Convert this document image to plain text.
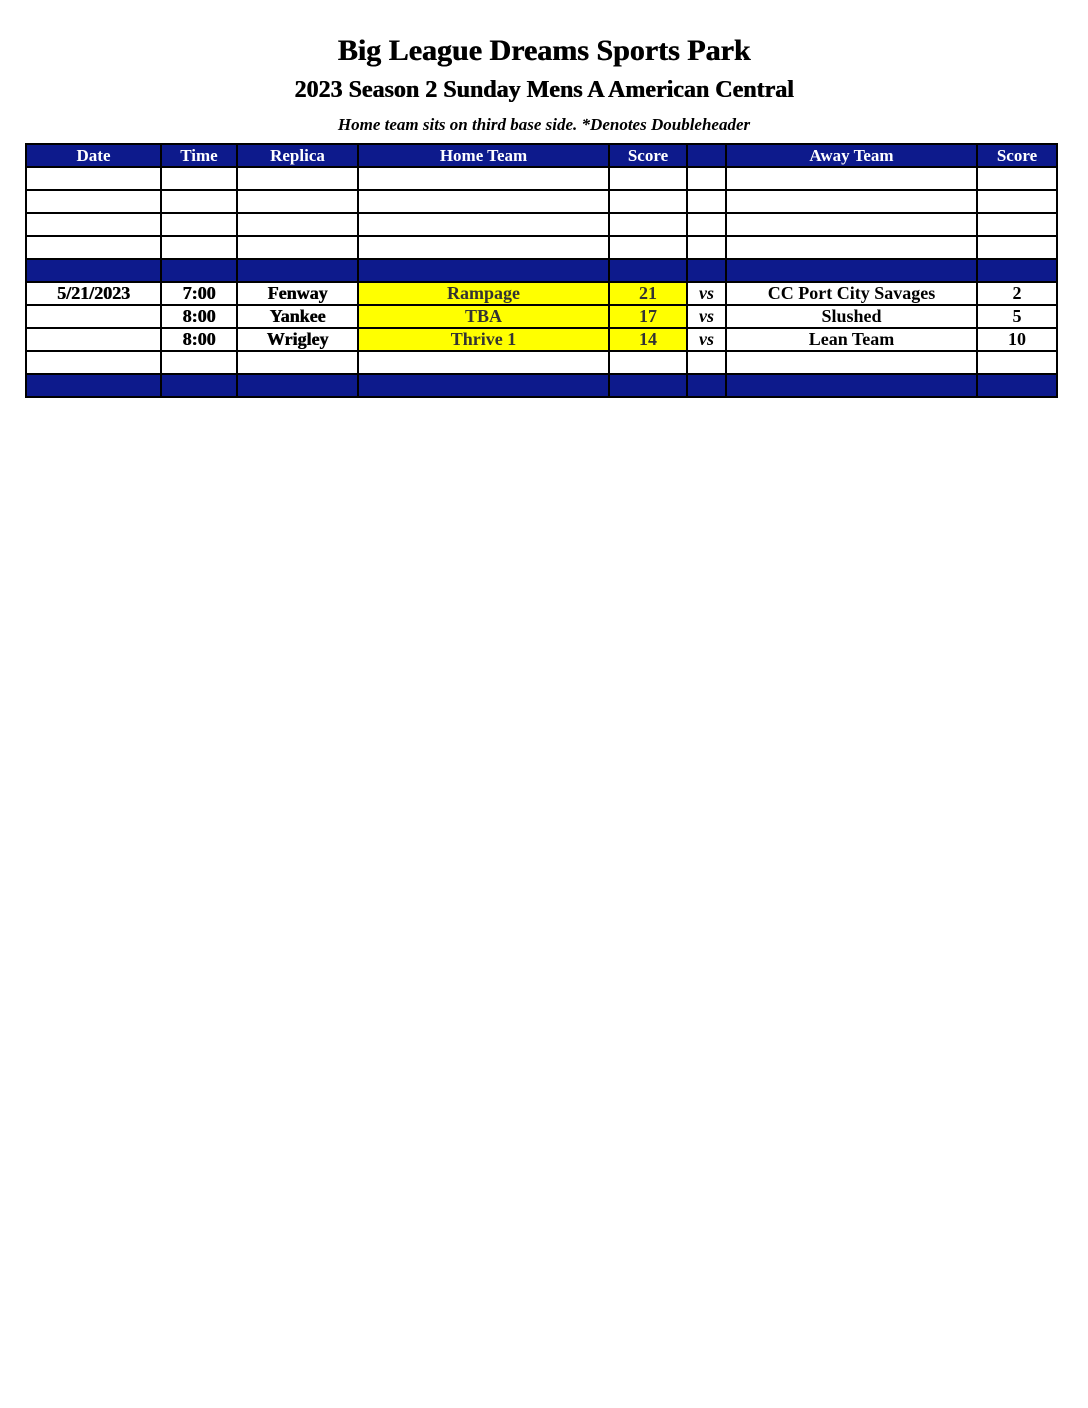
Big League Dreams Sports Park
2023 Season 2 Sunday Mens A American Central
Home team sits on third base side. *Denotes Doubleheader
Date	Time	Replica	Home Team	Score		Away Team	Score

5/21/2023	7:00	Fenway	Rampage	21	vs	CC Port City Savages	2
	8:00	Yankee	TBA	17	vs	Slushed	5
	8:00	Wrigley	Thrive 1	14	vs	Lean Team	10
